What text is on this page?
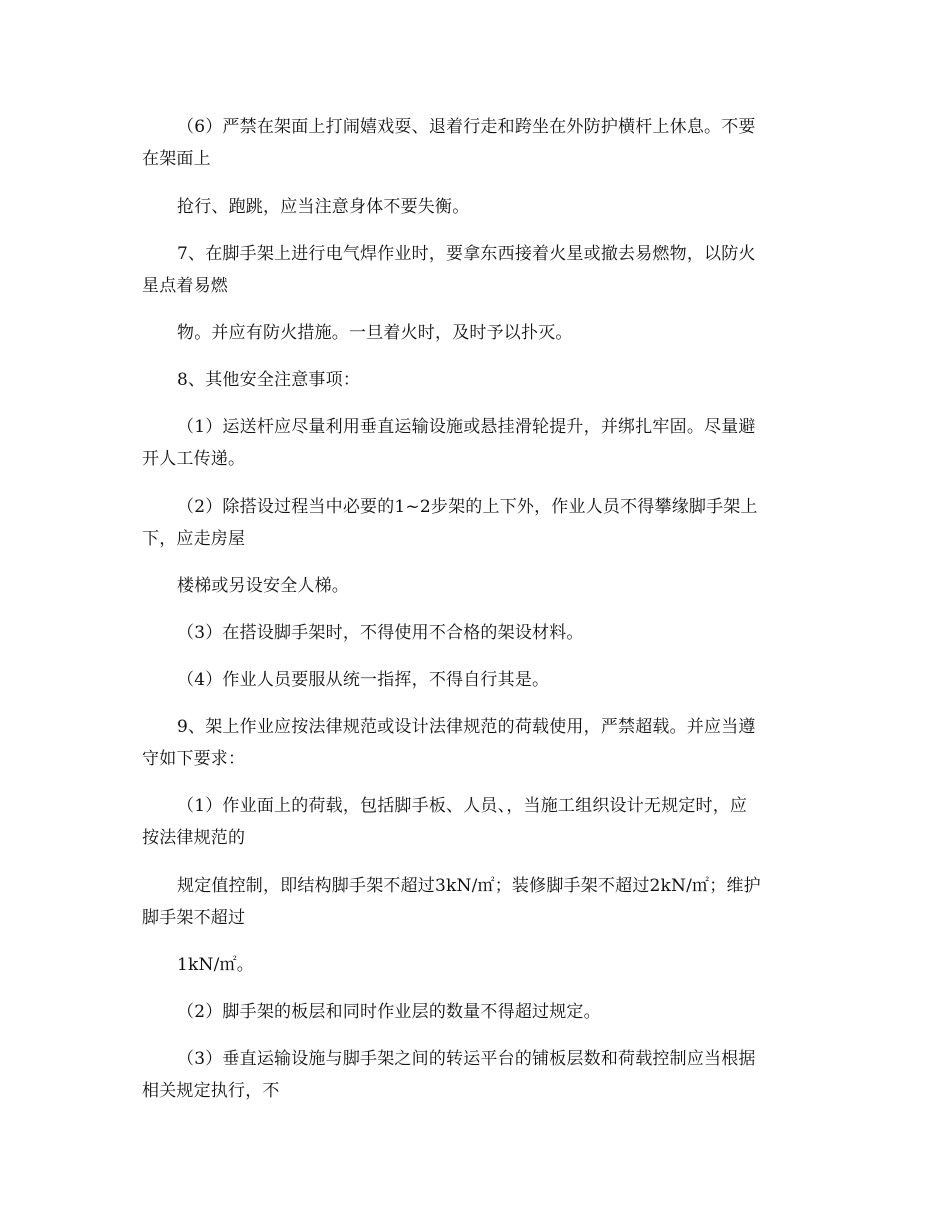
（6）严禁在架面上打闹嬉戏耍、退着行走和跨坐在外防护横杆上休息。不要
在架面上
抢行、跑跳，应当注意身体不要失衡。
7、在脚手架上进行电气焊作业时，要拿东西接着火星或撤去易燃物，以防火
星点着易燃
物。并应有防火措施。一旦着火时，及时予以扑灭。
8、其他安全注意事项：
（1）运送杆应尽量利用垂直运输设施或悬挂滑轮提升，并绑扎牢固。尽量避
开人工传递。
（2）除搭设过程当中必要的1~2步架的上下外，作业人员不得攀缘脚手架上
下，应走房屋
楼梯或另设安全人梯。
（3）在搭设脚手架时，不得使用不合格的架设材料。
（4）作业人员要服从统一指挥，不得自行其是。
9、架上作业应按法律规范或设计法律规范的荷载使用，严禁超载。并应当遵
守如下要求：
（1）作业面上的荷载，包括脚手板、人员、，当施工组织设计无规定时，应
按法律规范的
规定值控制，即结构脚手架不超过3kN/㎡；装修脚手架不超过2kN/㎡；维护
脚手架不超过
1kN/㎡。
（2）脚手架的板层和同时作业层的数量不得超过规定。
（3）垂直运输设施与脚手架之间的转运平台的铺板层数和荷载控制应当根据
相关规定执行，不
